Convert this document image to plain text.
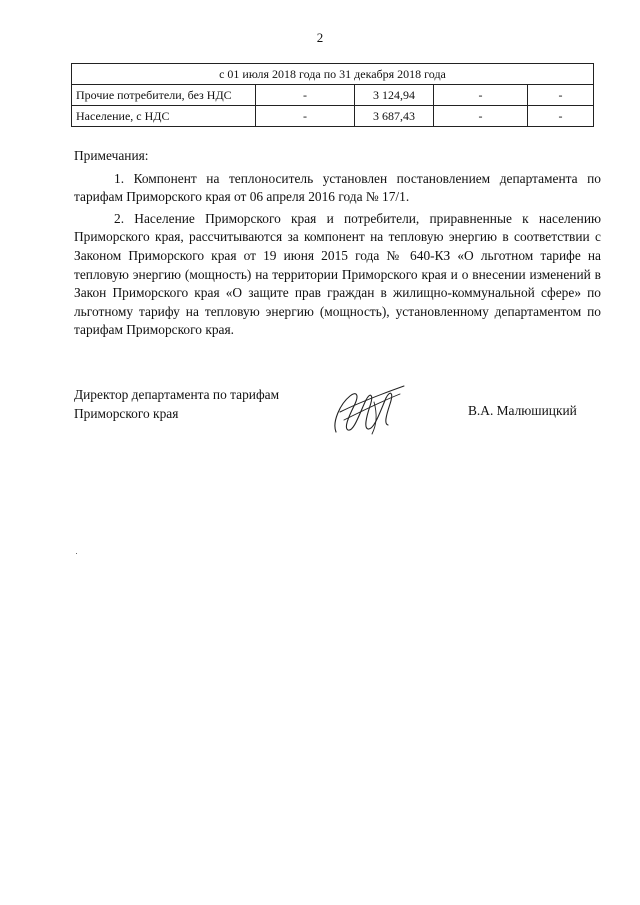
2
с 01 июля 2018 года по 31 декабря 2018 года				
Прочие потребители, без НДС	-	3 124,94	-	-
Население, с НДС	-	3 687,43	-	-

Примечания:

1. Компонент на теплоноситель установлен постановлением департамента по тарифам Приморского края от 06 апреля 2016 года № 17/1.

2. Население Приморского края и потребители, приравненные к населению Приморского края, рассчитываются за компонент на тепловую энергию в соответствии с Законом Приморского края от 19 июня 2015 года № 640-КЗ «О льготном тарифе на тепловую энергию (мощность) на территории Приморского края и о внесении изменений в Закон Приморского края «О защите прав граждан в жилищно-коммунальной сфере» по льготному тарифу на тепловую энергию (мощность), установленному департаментом по тарифам Приморского края.

Директор департамента по тарифам
Приморского края	В.А. Малюшицкий
